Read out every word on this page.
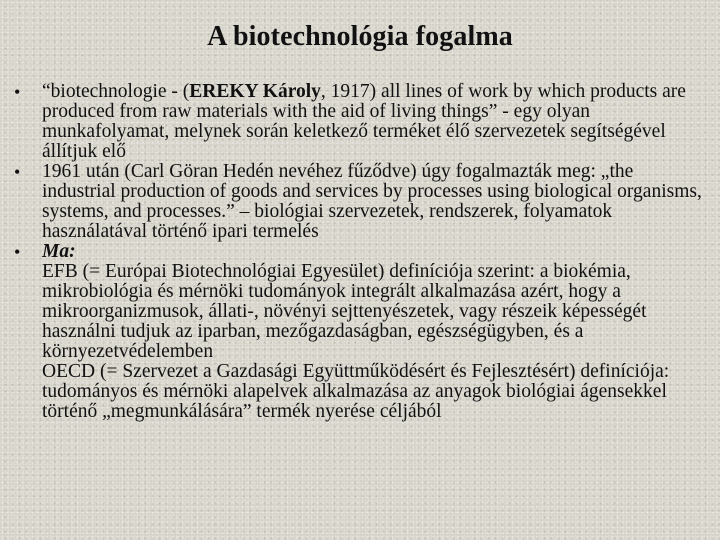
A biotechnológia fogalma
•	“biotechnologie - (EREKY Károly, 1917) all lines of work by which products are produced from raw materials with the aid of living things” - egy olyan munkafolyamat, melynek során keletkező terméket élő szervezetek segítségével állítjuk elő
•	1961 után (Carl Göran Hedén nevéhez fűződve) úgy fogalmazták meg: „the industrial production of goods and services by processes using biological organisms, systems, and processes.” – biológiai szervezetek, rendszerek, folyamatok használatával történő ipari termelés
•	Ma:
EFB (= Európai Biotechnológiai Egyesület) definíciója szerint: a biokémia, mikrobiológia és mérnöki tudományok integrált alkalmazása azért, hogy a mikroorganizmusok, állati-, növényi sejttenyészetek, vagy részeik képességét használni tudjuk az iparban, mezőgazdaságban, egészségügyben, és a környezetvédelemben
OECD (= Szervezet a Gazdasági Együttműködésért és Fejlesztésért) definíciója: tudományos és mérnöki alapelvek alkalmazása az anyagok biológiai ágensekkel történő „megmunkálására” termék nyerése céljából
